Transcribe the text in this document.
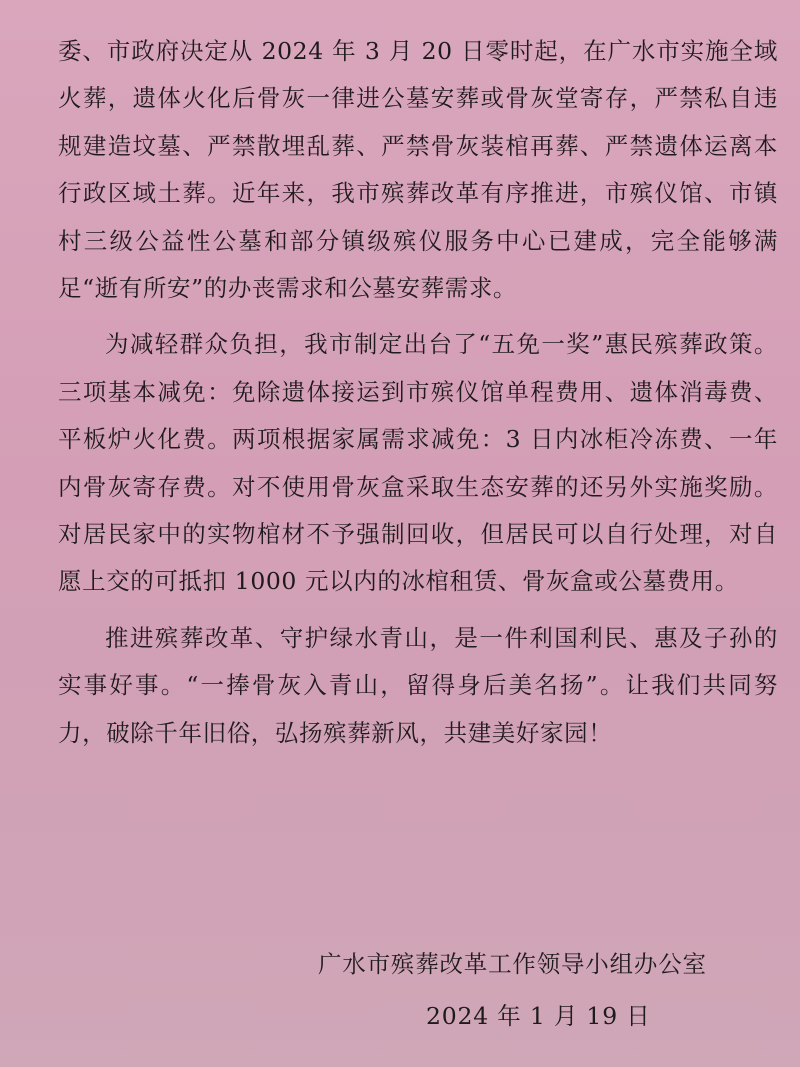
委、市政府决定从 2024 年 3 月 20 日零时起，在广水市实施全域火葬，遗体火化后骨灰一律进公墓安葬或骨灰堂寄存，严禁私自违规建造坟墓、严禁散埋乱葬、严禁骨灰装棺再葬、严禁遗体运离本行政区域土葬。近年来，我市殡葬改革有序推进，市殡仪馆、市镇村三级公益性公墓和部分镇级殡仪服务中心已建成，完全能够满足“逝有所安”的办丧需求和公墓安葬需求。

为减轻群众负担，我市制定出台了“五免一奖”惠民殡葬政策。三项基本减免：免除遗体接运到市殡仪馆单程费用、遗体消毒费、平板炉火化费。两项根据家属需求减免：3 日内冰柜冷冻费、一年内骨灰寄存费。对不使用骨灰盒采取生态安葬的还另外实施奖励。对居民家中的实物棺材不予强制回收，但居民可以自行处理，对自愿上交的可抵扣 1000 元以内的冰棺租赁、骨灰盒或公墓费用。

推进殡葬改革、守护绿水青山，是一件利国利民、惠及子孙的实事好事。“一捧骨灰入青山，留得身后美名扬”。让我们共同努力，破除千年旧俗，弘扬殡葬新风，共建美好家园！

广水市殡葬改革工作领导小组办公室
2024 年 1 月 19 日
